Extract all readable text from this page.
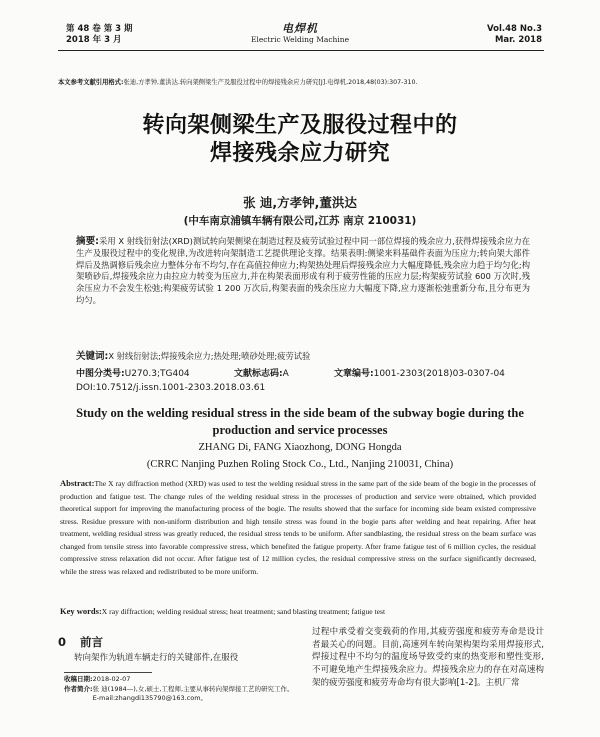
第 48 卷 第 3 期
2018 年 3 月
电焊机
Electric Welding Machine
Vol.48 No.3
Mar. 2018
本文参考文献引用格式:张迪,方孝钟,董洪达.转向架侧梁生产及服役过程中的焊接残余应力研究[J].电焊机,2018,48(03):307-310.
转向架侧梁生产及服役过程中的
焊接残余应力研究
张 迪,方孝钟,董洪达
(中车南京浦镇车辆有限公司,江苏 南京 210031)
摘要:采用 X 射线衍射法(XRD)测试转向架侧梁在制造过程及疲劳试验过程中同一部位焊接的残余应力,获得焊接残余应力在生产及服役过程中的变化规律,为改进转向架制造工艺提供理论支撑。结果表明:侧梁来料基础件表面为压应力;转向架大部件焊后及热调修后残余应力整体分布不均匀,存在高值拉伸应力;构架热处理后焊接残余应力大幅度降低,残余应力趋于均匀化;构架喷砂后,焊接残余应力由拉应力转变为压应力,并在构架表面形成有利于疲劳性能的压应力层;构架疲劳试验 600 万次时,残余压应力不会发生松弛;构架疲劳试验 1 200 万次后,构架表面的残余压应力大幅度下降,应力逐渐松弛重新分布,且分布更为均匀。
关键词:X 射线衍射法;焊接残余应力;热处理;喷砂处理;疲劳试验
中图分类号:U270.3;TG404	文献标志码:A	文章编号:1001-2303(2018)03-0307-04
DOI:10.7512/j.issn.1001-2303.2018.03.61
Study on the welding residual stress in the side beam of the subway bogie during the production and service processes
ZHANG Di, FANG Xiaozhong, DONG Hongda
(CRRC Nanjing Puzhen Roling Stock Co., Ltd., Nanjing 210031, China)
Abstract:The X ray diffraction method (XRD) was used to test the welding residual stress in the same part of the side beam of the bogie in the processes of production and fatigue test. The change rules of the welding residual stress in the processes of production and service were obtained, which provided theoretical support for improving the manufacturing process of the bogie. The results showed that the surface for incoming side beam existed compressive stress. Residue pressure with non-uniform distribution and high tensile stress was found in the bogie parts after welding and heat repairing. After heat treatment, welding residual stress was greatly reduced, the residual stress tends to be uniform. After sandblasting, the residual stress on the beam surface was changed from tensile stress into favorable compressive stress, which benefited the fatigue property. After frame fatigue test of 6 million cycles, the residual compressive stress relaxation did not occur. After fatigue test of 12 million cycles, the residual compressive stress on the surface significantly decreased, while the stress was relaxed and redistributed to be more uniform.
Key words:X ray diffraction; welding residual stress; heat treatment; sand blasting treatment; fatigue test
0 前言
转向架作为轨道车辆走行的关键部件,在服役
收稿日期: 2018-02-07
作者简介: 张 迪(1984—),女,硕士,工程师,主要从事转向架焊接工艺的研究工作。E-mail:zhangdi135790@163.com。
过程中承受着交变载荷的作用,其疲劳强度和疲劳寿命是设计者最关心的问题。目前,高速列车转向架构架均采用焊接形式,焊接过程中不均匀的温度场导致受约束的热变形和塑性变形,不可避免地产生焊接残余应力。焊接残余应力的存在对高速构架的疲劳强度和疲劳寿命均有很大影响[1-2]。主机厂常
